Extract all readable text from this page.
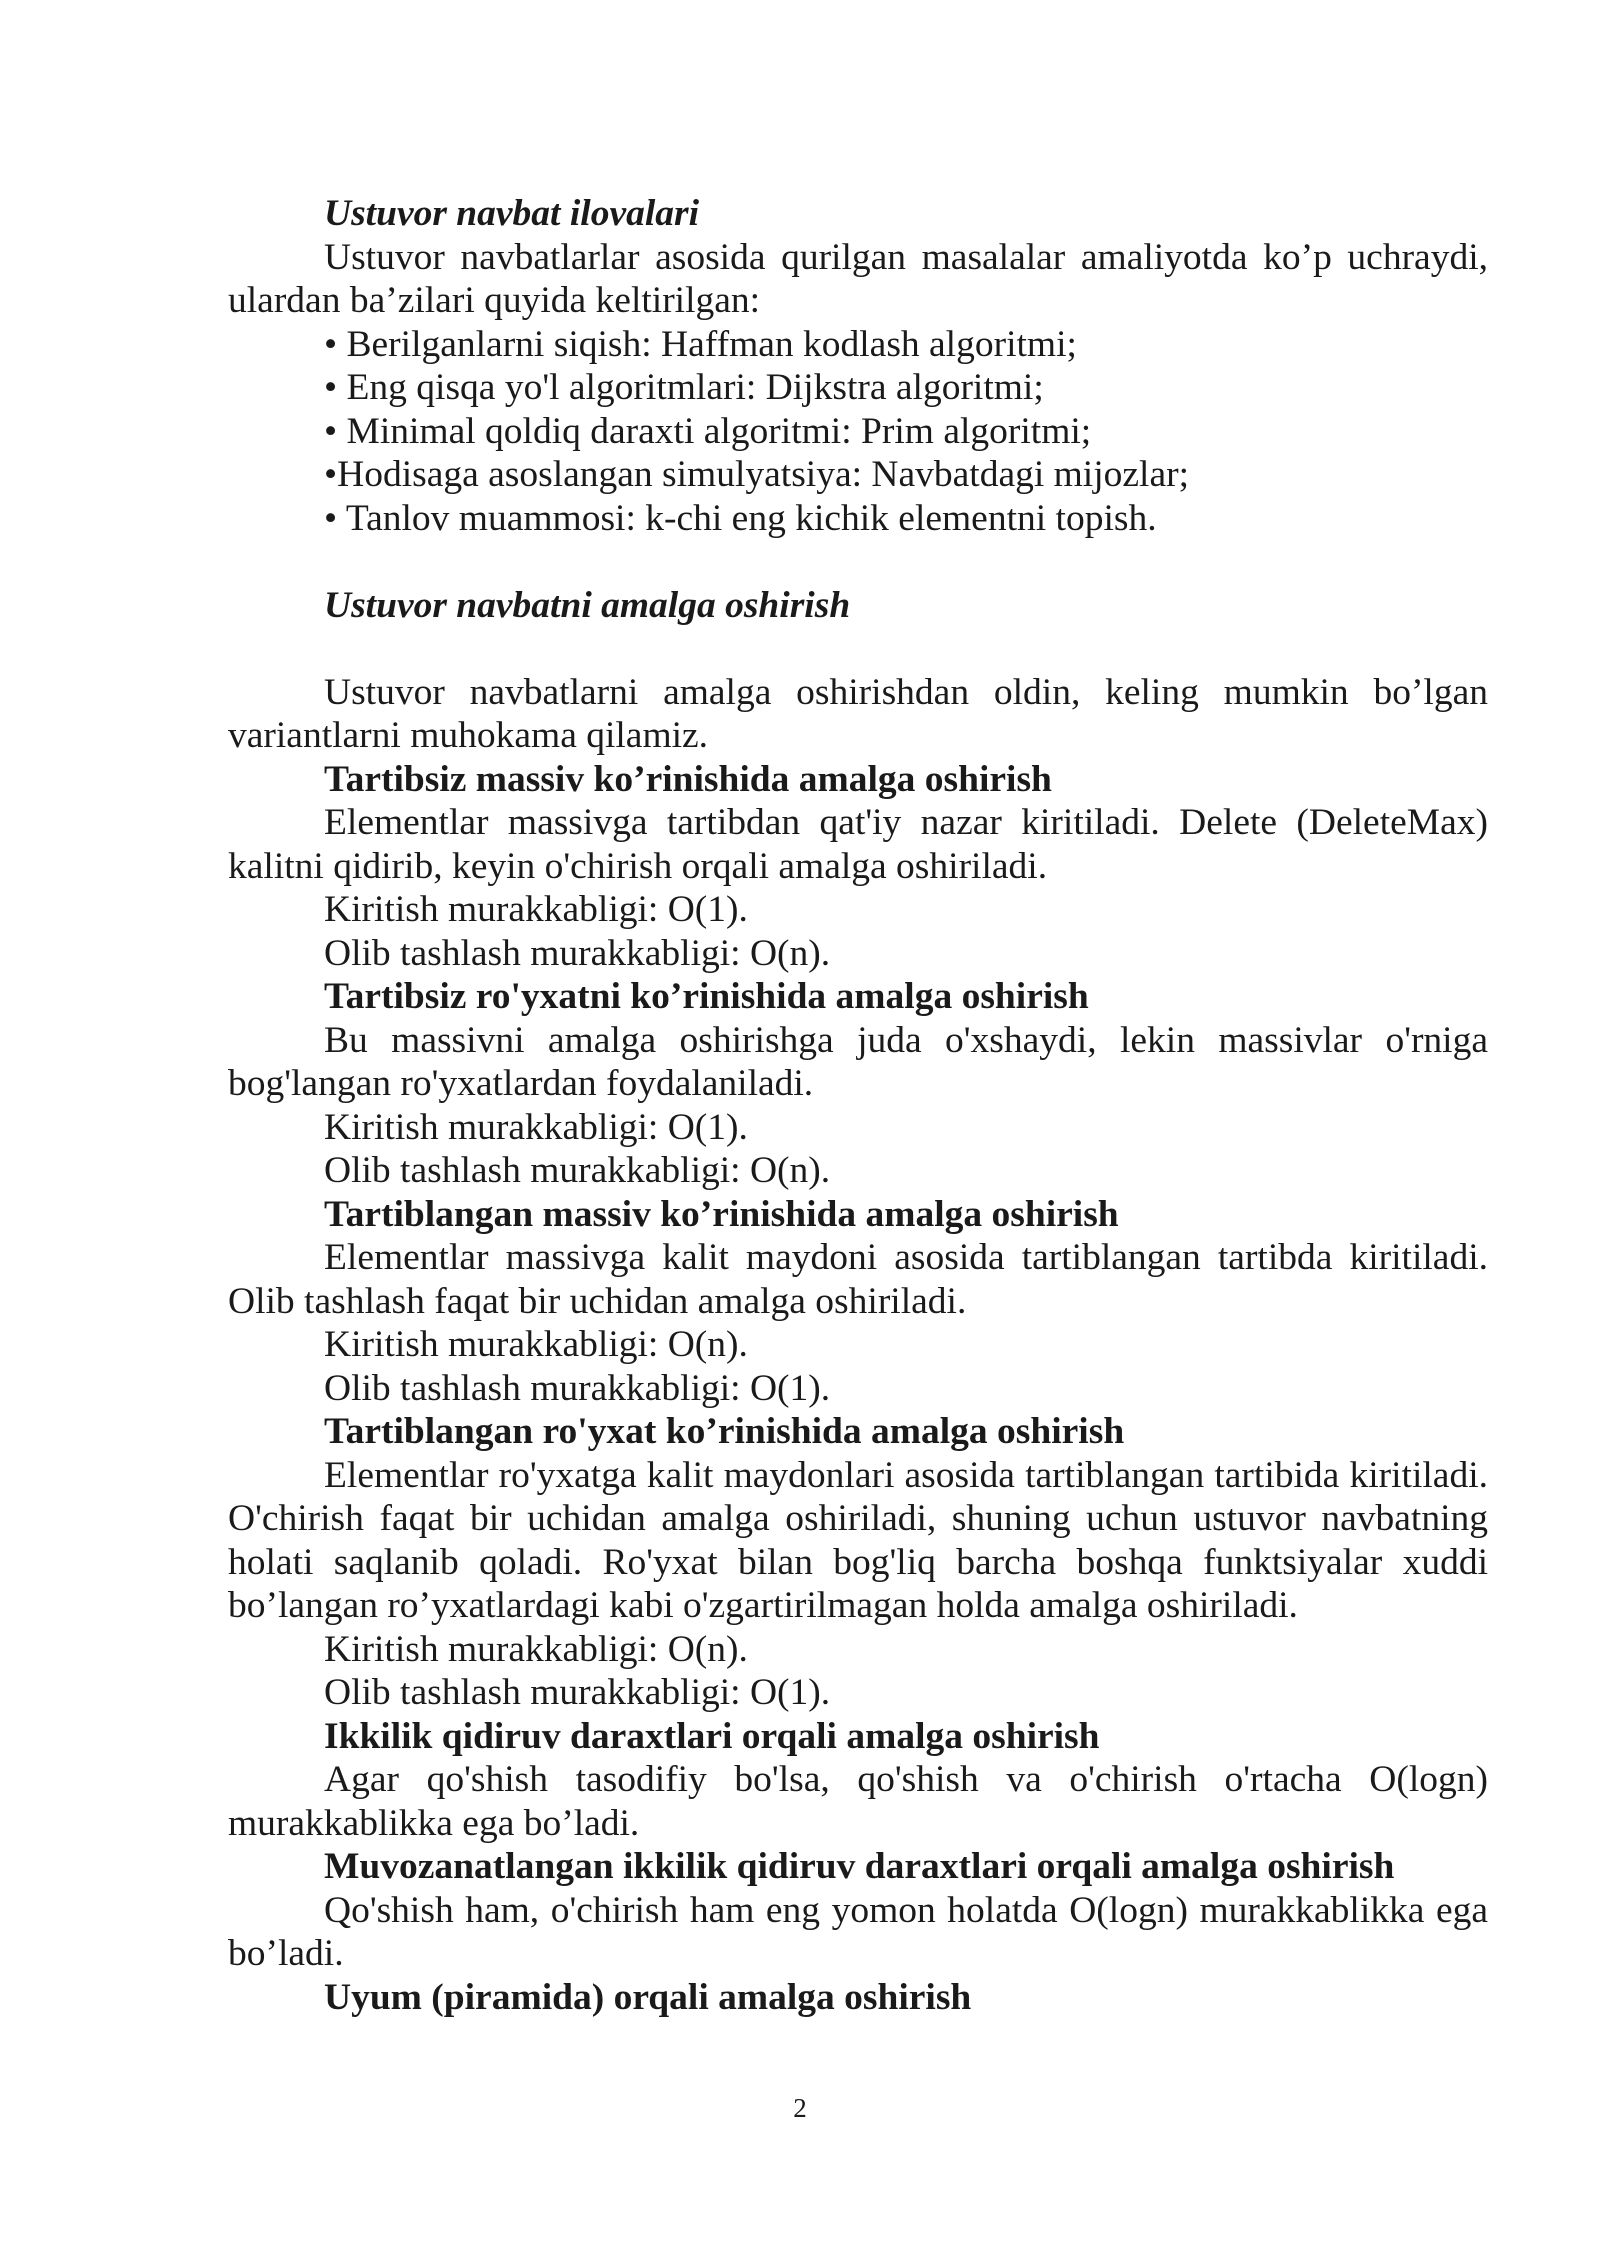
Ustuvor navbat ilovalari
Ustuvor navbatlarlar asosida qurilgan masalalar amaliyotda ko’p uchraydi,
ulardan ba’zilari quyida keltirilgan:
• Berilganlarni siqish: Haffman kodlash algoritmi;
• Eng qisqa yo'l algoritmlari: Dijkstra algoritmi;
• Minimal qoldiq daraxti algoritmi: Prim algoritmi;
•Hodisaga asoslangan simulyatsiya: Navbatdagi mijozlar;
• Tanlov muammosi: k-chi eng kichik elementni topish.
Ustuvor navbatni amalga oshirish
Ustuvor navbatlarni amalga oshirishdan oldin, keling mumkin bo’lgan
variantlarni muhokama qilamiz.
Tartibsiz massiv ko’rinishida amalga oshirish
Elementlar massivga tartibdan qat'iy nazar kiritiladi. Delete (DeleteMax)
kalitni qidirib, keyin o'chirish orqali amalga oshiriladi.
Kiritish murakkabligi: O(1).
Olib tashlash murakkabligi: O(n).
Tartibsiz ro'yxatni ko’rinishida amalga oshirish
Bu massivni amalga oshirishga juda o'xshaydi, lekin massivlar o'rniga
bog'langan ro'yxatlardan foydalaniladi.
Kiritish murakkabligi: O(1).
Olib tashlash murakkabligi: O(n).
Tartiblangan massiv ko’rinishida amalga oshirish
Elementlar massivga kalit maydoni asosida tartiblangan tartibda kiritiladi.
Olib tashlash faqat bir uchidan amalga oshiriladi.
Kiritish murakkabligi: O(n).
Olib tashlash murakkabligi: O(1).
Tartiblangan ro'yxat ko’rinishida amalga oshirish
Elementlar ro'yxatga kalit maydonlari asosida tartiblangan tartibida kiritiladi.
O'chirish faqat bir uchidan amalga oshiriladi, shuning uchun ustuvor navbatning
holati saqlanib qoladi. Ro'yxat bilan bog'liq barcha boshqa funktsiyalar xuddi
bo’langan ro’yxatlardagi kabi o'zgartirilmagan holda amalga oshiriladi.
Kiritish murakkabligi: O(n).
Olib tashlash murakkabligi: O(1).
Ikkilik qidiruv daraxtlari orqali amalga oshirish
Agar qo'shish tasodifiy bo'lsa, qo'shish va o'chirish o'rtacha O(logn)
murakkablikka ega bo’ladi.
Muvozanatlangan ikkilik qidiruv daraxtlari orqali amalga oshirish
Qo'shish ham, o'chirish ham eng yomon holatda O(logn) murakkablikka ega
bo’ladi.
Uyum (piramida) orqali amalga oshirish
2
